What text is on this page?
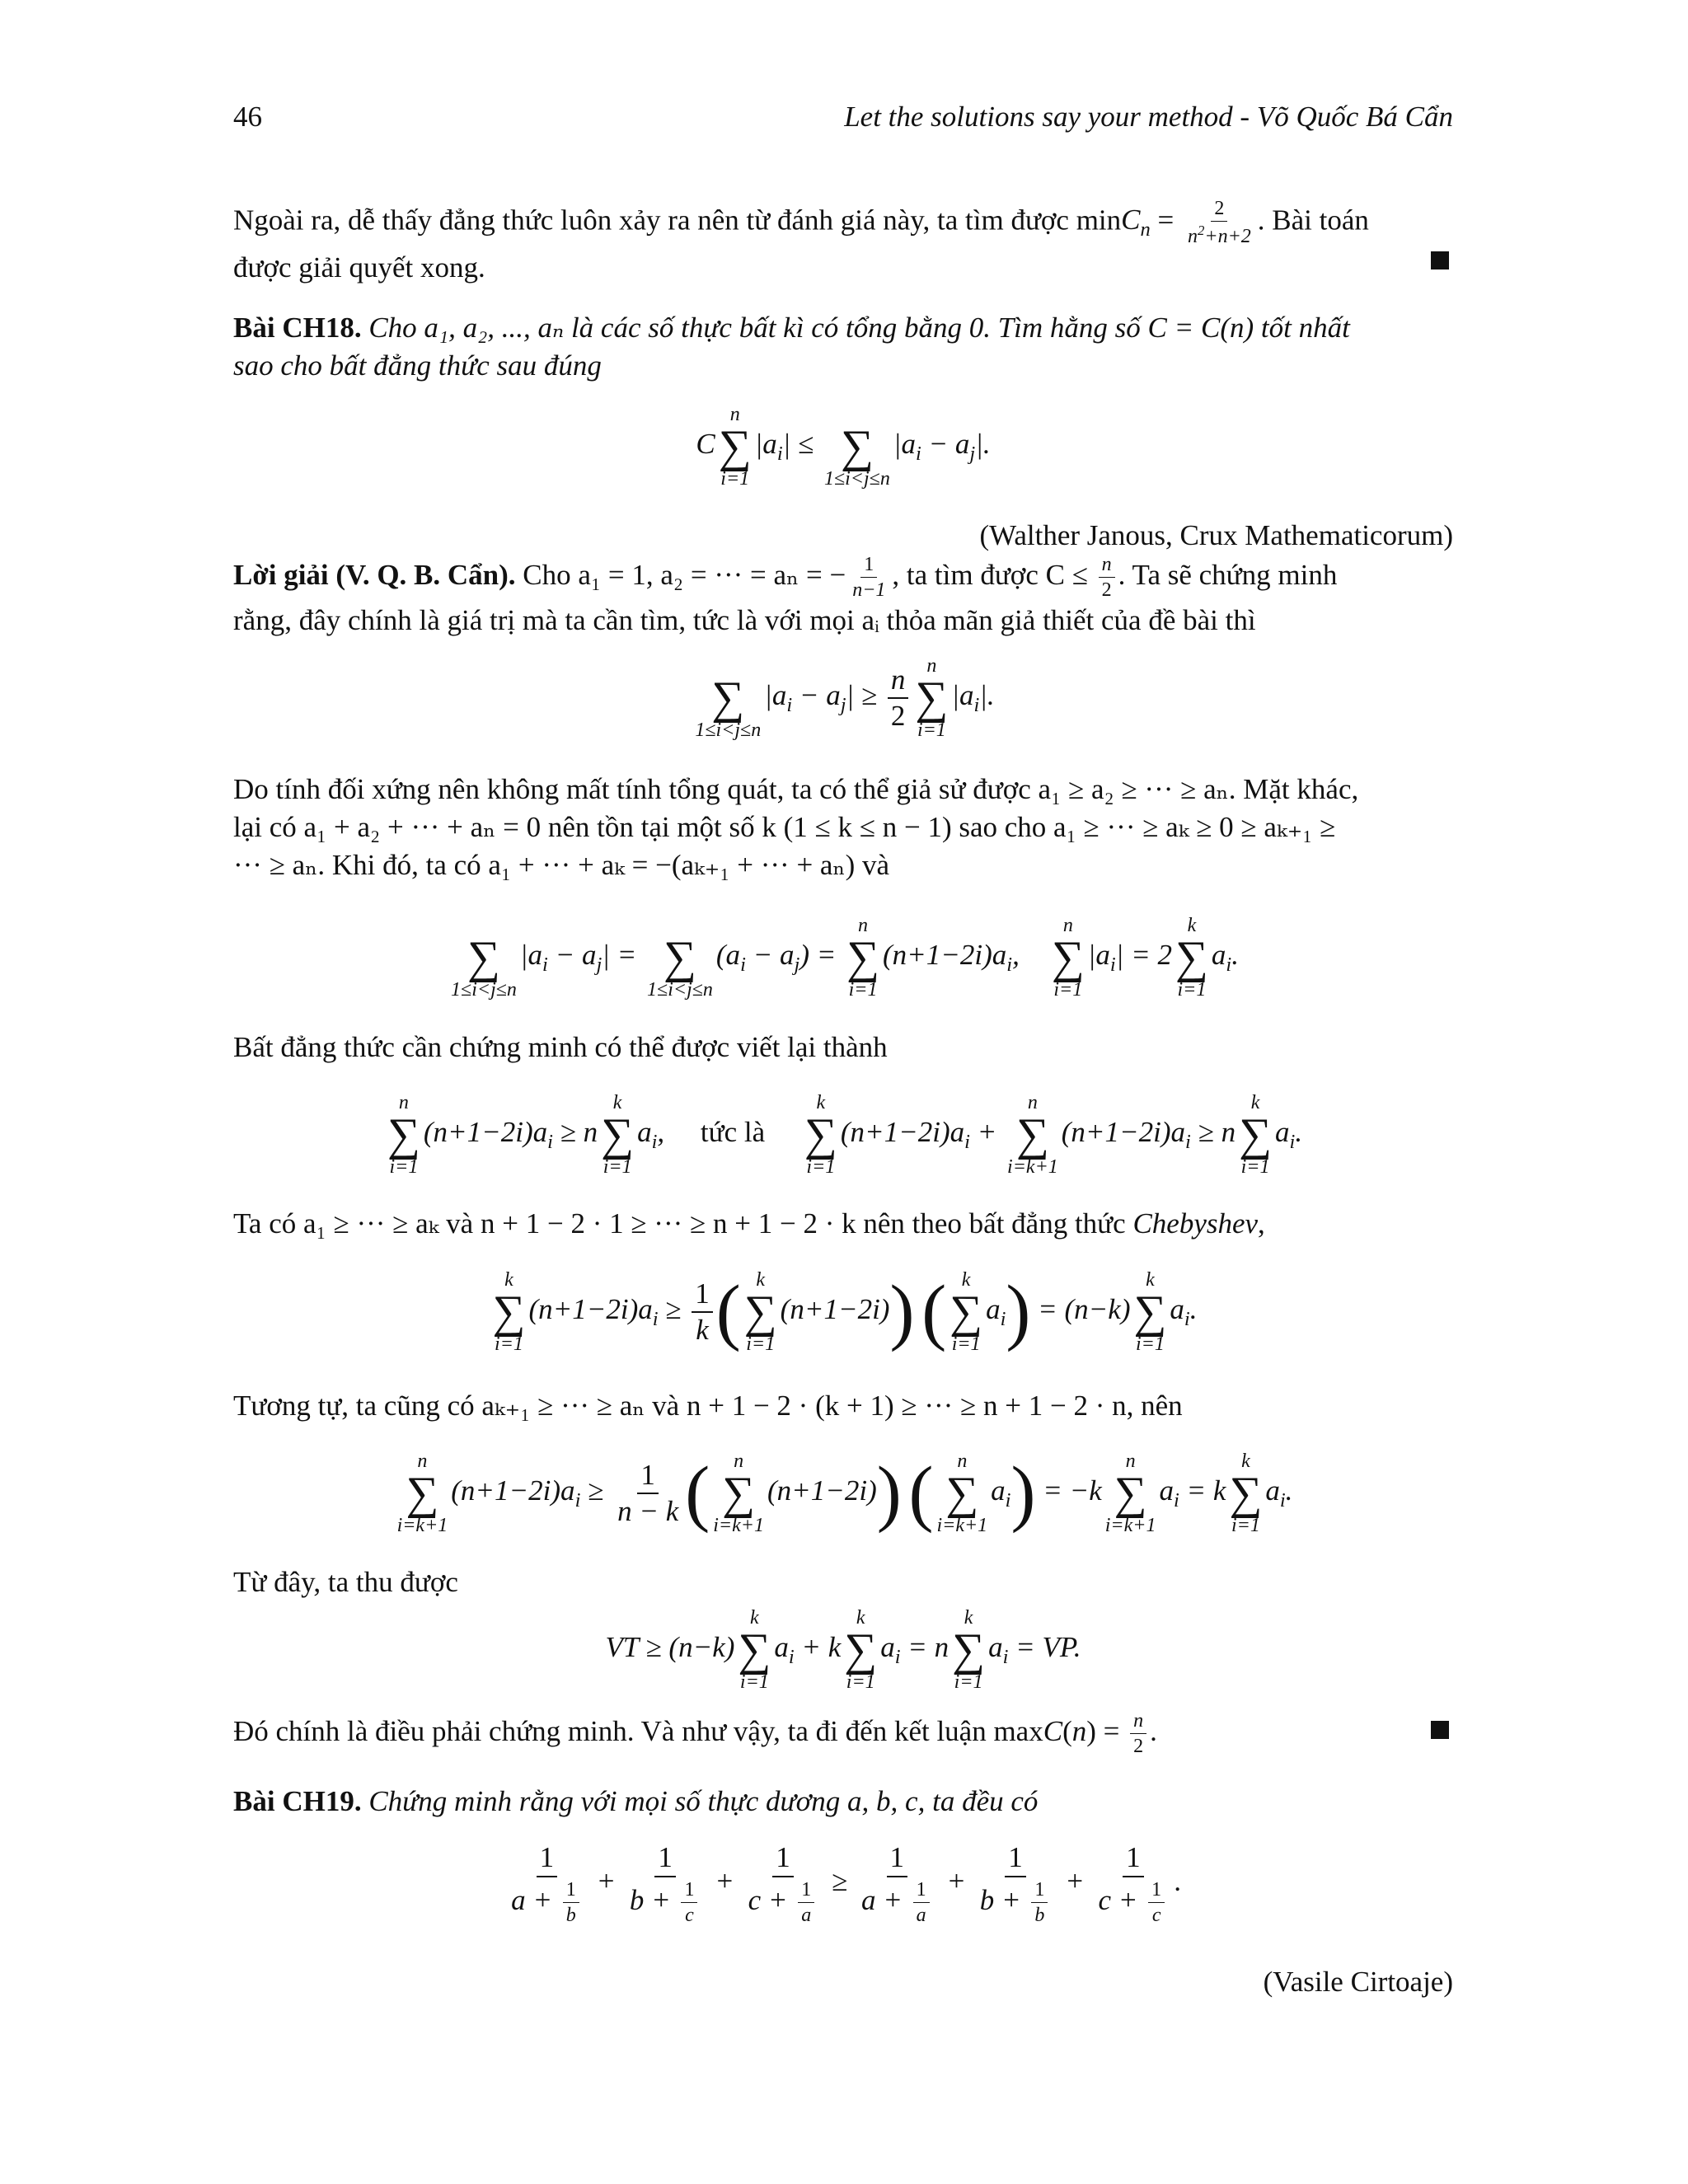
46	Let the solutions say your method - Võ Quốc Bá Cẩn

Ngoài ra, dễ thấy đẳng thức luôn xảy ra nên từ đánh giá này, ta tìm được $\min C_n = \frac{2}{n^2+n+2}$ . Bài toán

được giải quyết xong.

Bài CH18. Cho a₁, a₂, ..., aₙ là các số thực bất kì có tổng bằng 0. Tìm hằng số C = C(n) tốt nhất

sao cho bất đẳng thức sau đúng

C
n
∑
i=1
$|a_i|$ ≤ ∑
1≤i<j≤n
$|a_i - a_j|$.
(Walther Janous, Crux Mathematicorum)

Lời giải (V. Q. B. Cẩn). Cho a₁ = 1, a₂ = ··· = aₙ = − $\frac{1}{n-1}$ , ta tìm được $C \le \frac{n}{2}$ . Ta sẽ chứng minh

rằng, đây chính là giá trị mà ta cần tìm, tức là với mọi aᵢ thỏa mãn giả thiết của đề bài thì

∑
1≤i<j≤n
$|a_i - a_j| \ge \frac{n}{2}$ n
∑
i=1
$|a_i|$.

Do tính đối xứng nên không mất tính tổng quát, ta có thể giả sử được a₁ ≥ a₂ ≥ ··· ≥ aₙ. Mặt khác,

lại có a₁ + a₂ + ··· + aₙ = 0 nên tồn tại một số k (1 ≤ k ≤ n − 1) sao cho a₁ ≥ ··· ≥ aₖ ≥ 0 ≥ aₖ₊₁ ≥

··· ≥ aₙ. Khi đó, ta có a₁ + ··· + aₖ = −(aₖ₊₁ + ··· + aₙ) và

∑
1≤i<j≤n
$|a_i - a_j|$ = ∑
1≤i<j≤n
$(a_i - a_j)$ =
n
∑
i=1
$(n+1-2i)a_i$,
n
∑
i=1
$|a_i| = 2$
k
∑
i=1
$a_i$.

Bất đẳng thức cần chứng minh có thể được viết lại thành

n
∑
i=1
$(n+1-2i)a_i \ge n$
k
∑
i=1
$a_i$,     tức là
k
∑
i=1
$(n+1-2i)a_i$ +
n
∑
i=k+1
$(n+1-2i)a_i \ge n$
k
∑
i=1
$a_i$.

Ta có a₁ ≥ ··· ≥ aₖ và n + 1 − 2 · 1 ≥ ··· ≥ n + 1 − 2 · k nên theo bất đẳng thức Chebyshev,

k
∑
i=1
$(n+1-2i)a_i \ge \frac{1}{k}$ ( k
∑
i=1
(n+1−2i)) ( k
∑
i=1
$a_i) = (n-k)$
k
∑
i=1
$a_i$.

Tương tự, ta cũng có aₖ₊₁ ≥ ··· ≥ aₙ và n + 1 − 2 · (k + 1) ≥ ··· ≥ n + 1 − 2 · n, nên

n
∑
i=k+1
$(n+1-2i)a_i \ge \frac{1}{n - k}$ ( n
∑
i=k+1
(n+1−2i)) ( n
∑
i=k+1
$a_i) = -k$
n
∑
i=k+1
$a_i = k$
k
∑
i=1
$a_i$.

Từ đây, ta thu được

VT ≥ (n−k)
k
∑
i=1
$a_i + k$
k
∑
i=1
$a_i = n$
k
∑
i=1
$a_i$ = VP.

Đó chính là điều phải chứng minh. Và như vậy, ta đi đến kết luận $\max C(n) = \frac{n}{2}$ .

Bài CH19. Chứng minh rằng với mọi số thực dương a, b, c, ta đều có

$\frac{1}{a + \frac{1}{b}} + \frac{1}{b + \frac{1}{c}} + \frac{1}{c + \frac{1}{a}} \ge \frac{1}{a + \frac{1}{a}} + \frac{1}{b + \frac{1}{b}} + \frac{1}{c + \frac{1}{c}}$ .
(Vasile Cirtoaje)
